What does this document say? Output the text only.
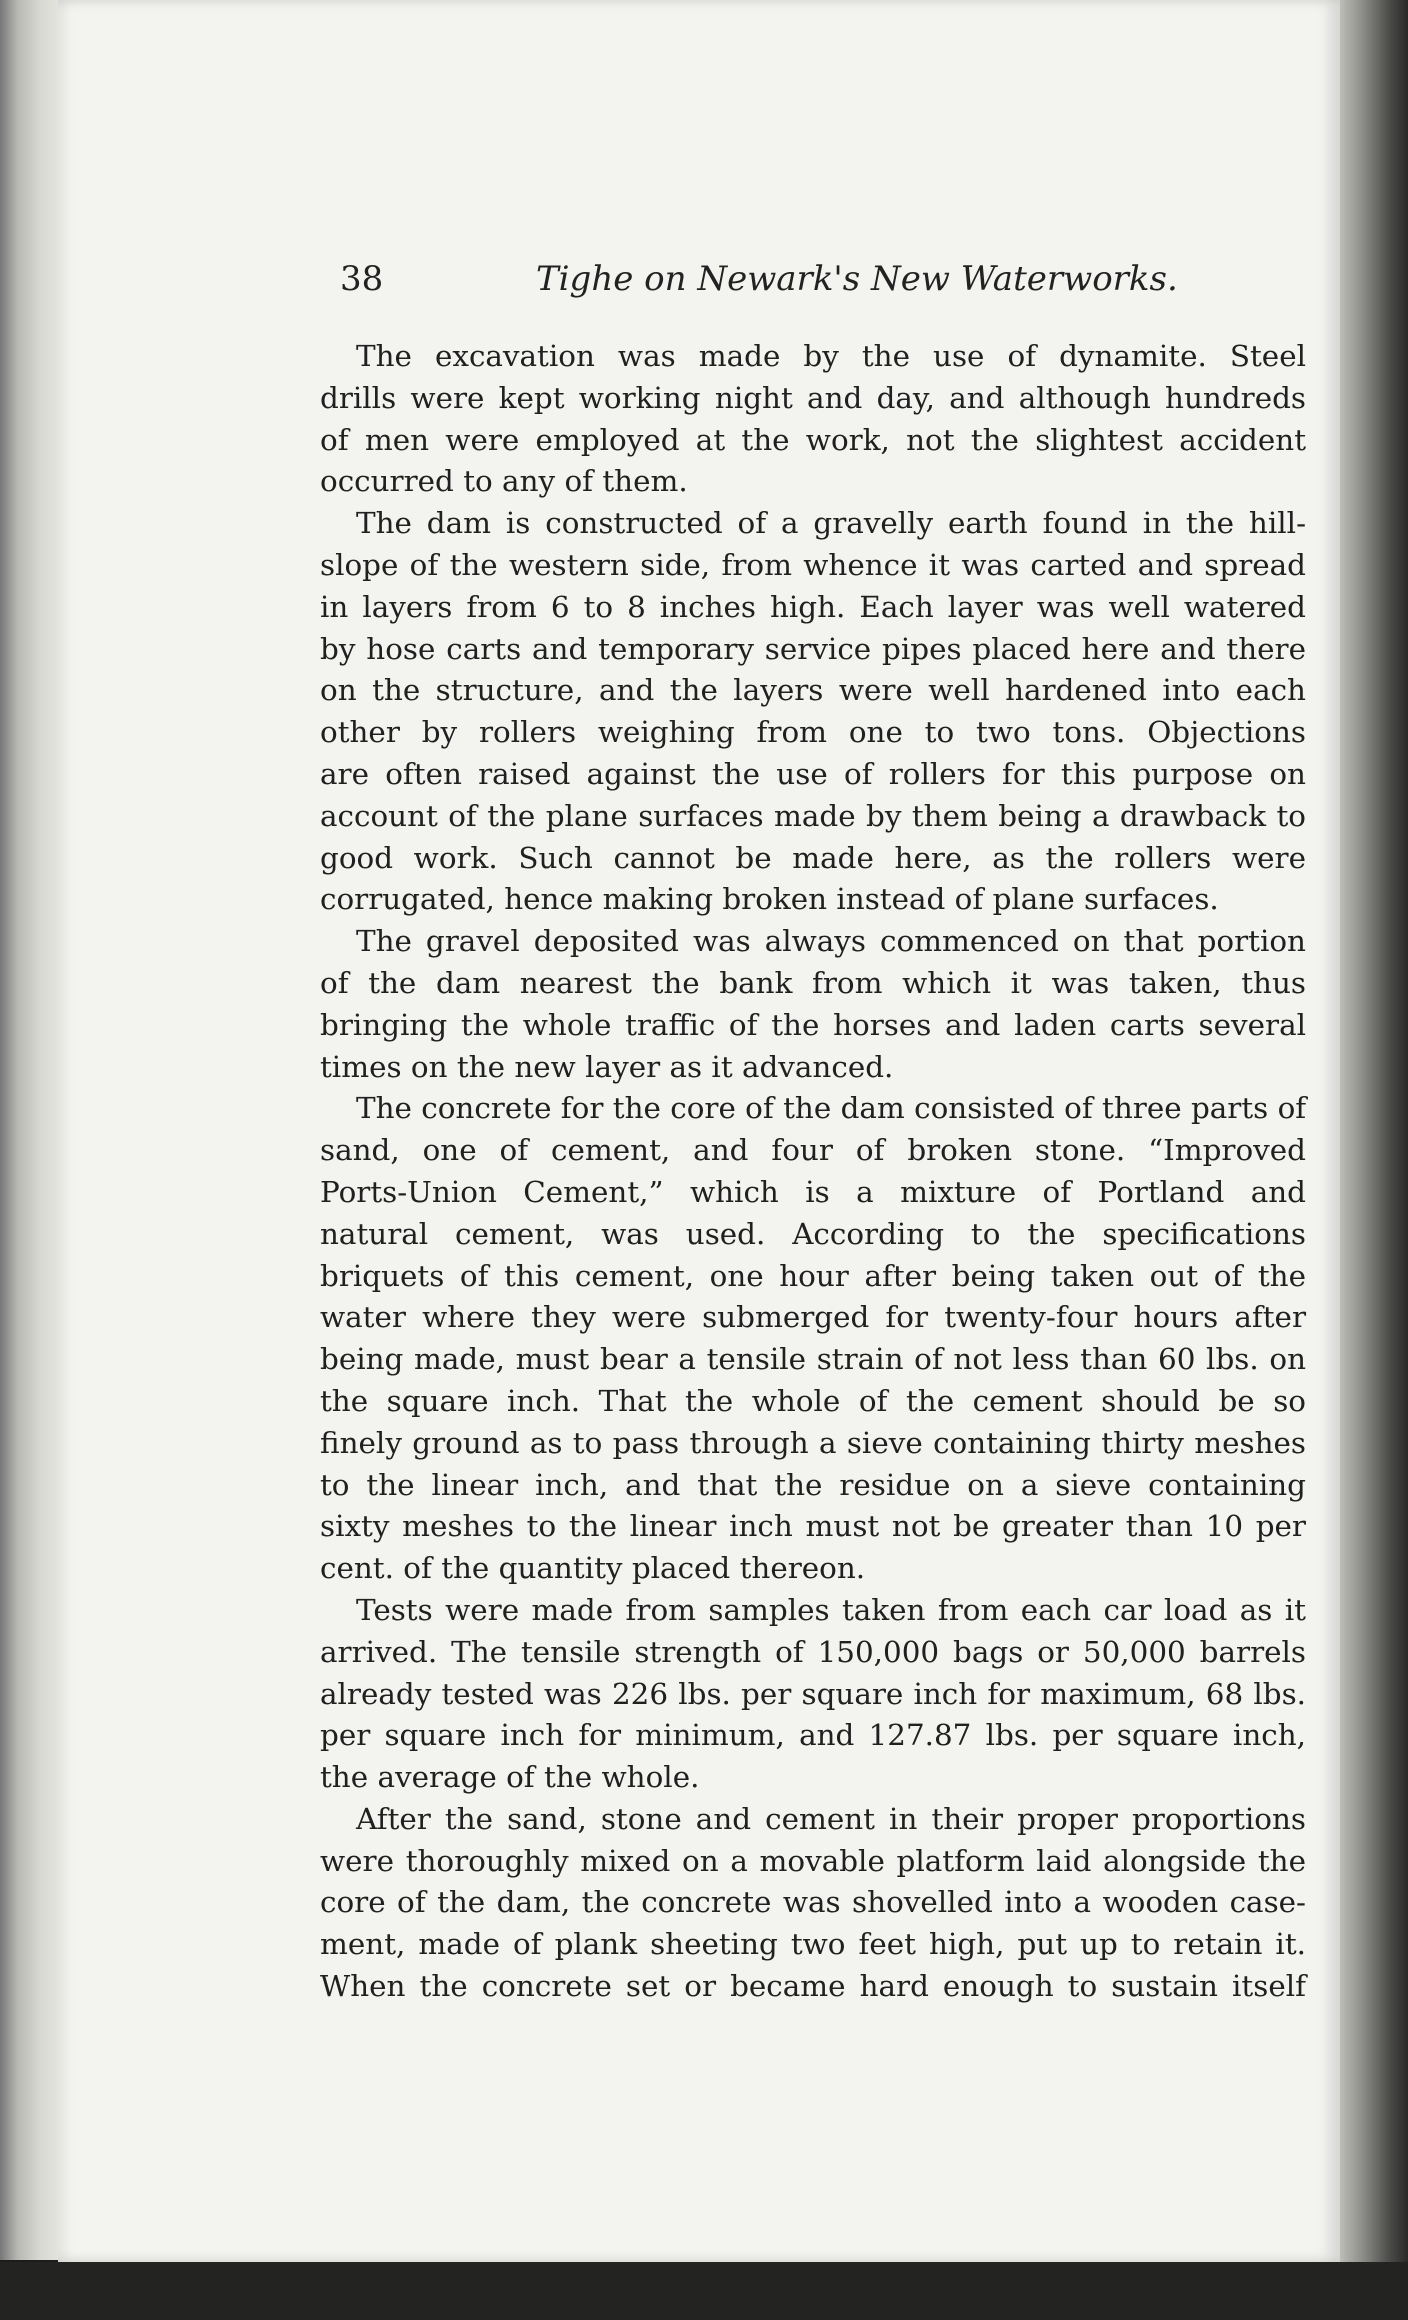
38	Tighe on Newark's New Waterworks.
The excavation was made by the use of dynamite. Steel
drills were kept working night and day, and although hundreds
of men were employed at the work, not the slightest accident
occurred to any of them.
The dam is constructed of a gravelly earth found in the hill-
slope of the western side, from whence it was carted and spread
in layers from 6 to 8 inches high. Each layer was well watered
by hose carts and temporary service pipes placed here and there
on the structure, and the layers were well hardened into each
other by rollers weighing from one to two tons. Objections
are often raised against the use of rollers for this purpose on
account of the plane surfaces made by them being a drawback to
good work. Such cannot be made here, as the rollers were
corrugated, hence making broken instead of plane surfaces.
The gravel deposited was always commenced on that portion
of the dam nearest the bank from which it was taken, thus
bringing the whole traffic of the horses and laden carts several
times on the new layer as it advanced.
The concrete for the core of the dam consisted of three parts of
sand, one of cement, and four of broken stone. “Improved
Ports-Union Cement,” which is a mixture of Portland and
natural cement, was used. According to the specifications
briquets of this cement, one hour after being taken out of the
water where they were submerged for twenty-four hours after
being made, must bear a tensile strain of not less than 60 lbs. on
the square inch. That the whole of the cement should be so
finely ground as to pass through a sieve containing thirty meshes
to the linear inch, and that the residue on a sieve containing
sixty meshes to the linear inch must not be greater than 10 per
cent. of the quantity placed thereon.
Tests were made from samples taken from each car load as it
arrived. The tensile strength of 150,000 bags or 50,000 barrels
already tested was 226 lbs. per square inch for maximum, 68 lbs.
per square inch for minimum, and 127.87 lbs. per square inch,
the average of the whole.
After the sand, stone and cement in their proper proportions
were thoroughly mixed on a movable platform laid alongside the
core of the dam, the concrete was shovelled into a wooden case-
ment, made of plank sheeting two feet high, put up to retain it.
When the concrete set or became hard enough to sustain itself
